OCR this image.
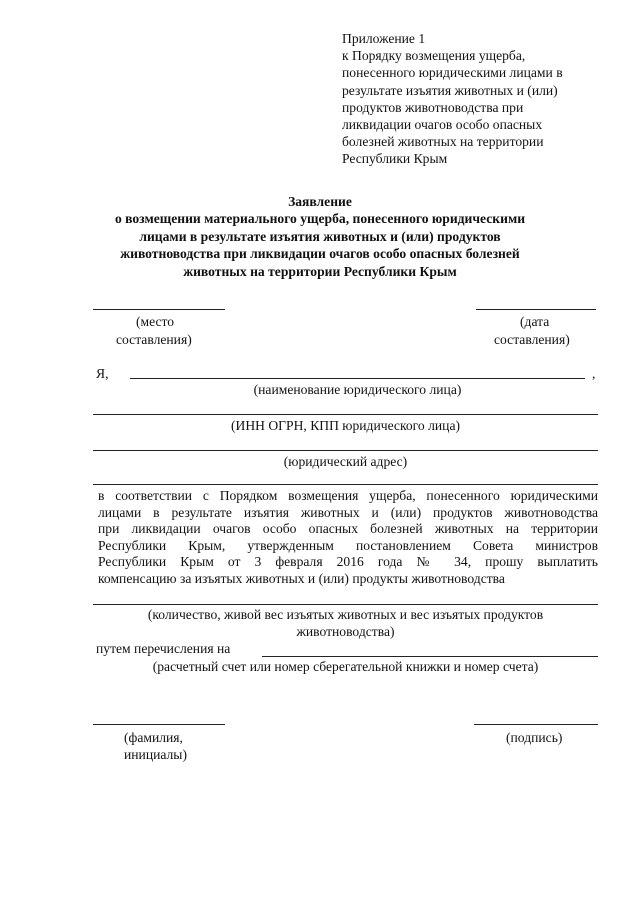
Приложение 1
к Порядку возмещения ущерба,
понесенного юридическими лицами в
результате изъятия животных и (или)
продуктов животноводства при
ликвидации очагов особо опасных
болезней животных на территории
Республики Крым
Заявление
о возмещении материального ущерба, понесенного юридическими
лицами в результате изъятия животных и (или) продуктов
животноводства при ликвидации очагов особо опасных болезней
животных на территории Республики Крым
(место
составления)
(дата
составления)
Я,	,
(наименование юридического лица)
(ИНН ОГРН, КПП юридического лица)
(юридический адрес)
в соответствии с Порядком возмещения ущерба, понесенного юридическими
лицами в результате изъятия животных и (или) продуктов животноводства
при ликвидации очагов особо опасных болезней животных на территории
Республики Крым, утвержденным постановлением Совета министров
Республики Крым от 3 февраля 2016 года № 34, прошу выплатить
компенсацию за изъятых животных и (или) продукты животноводства
(количество, живой вес изъятых животных и вес изъятых продуктов
животноводства)
путем перечисления на
(расчетный счет или номер сберегательной книжки и номер счета)
(фамилия,
инициалы)
(подпись)
